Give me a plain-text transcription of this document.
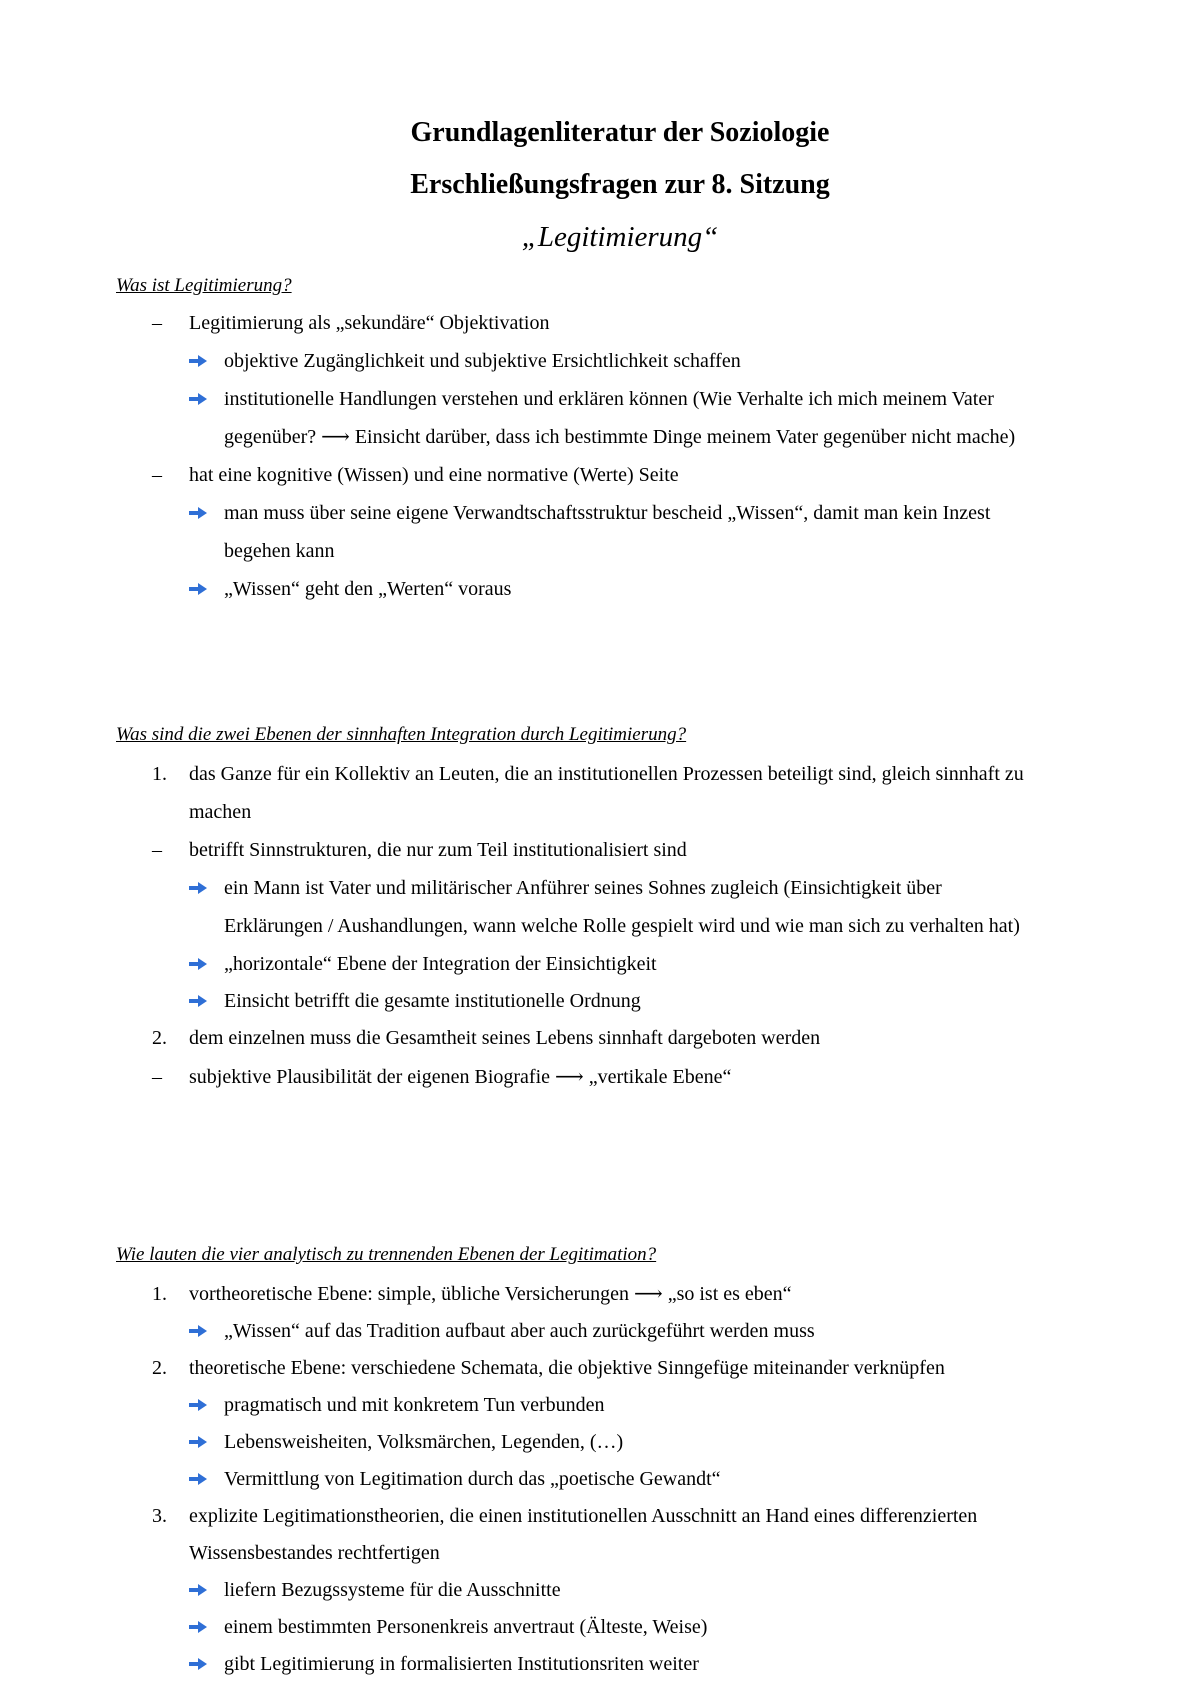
Grundlagenliteratur der Soziologie
Erschließungsfragen zur 8. Sitzung
„Legitimierung“
Was ist Legitimierung?
–	Legitimierung als „sekundäre“ Objektivation
objektive Zugänglichkeit und subjektive Ersichtlichkeit schaffen
institutionelle Handlungen verstehen und erklären können (Wie Verhalte ich mich meinem Vater
gegenüber? ⟶ Einsicht darüber, dass ich bestimmte Dinge meinem Vater gegenüber nicht mache)
–	hat eine kognitive (Wissen) und eine normative (Werte) Seite
man muss über seine eigene Verwandtschaftsstruktur bescheid „Wissen“, damit man kein Inzest
begehen kann
„Wissen“ geht den „Werten“ voraus
Was sind die zwei Ebenen der sinnhaften Integration durch Legitimierung?
1. das Ganze für ein Kollektiv an Leuten, die an institutionellen Prozessen beteiligt sind, gleich sinnhaft zu
machen
–	betrifft Sinnstrukturen, die nur zum Teil institutionalisiert sind
ein Mann ist Vater und militärischer Anführer seines Sohnes zugleich (Einsichtigkeit über
Erklärungen / Aushandlungen, wann welche Rolle gespielt wird und wie man sich zu verhalten hat)
„horizontale“ Ebene der Integration der Einsichtigkeit
Einsicht betrifft die gesamte institutionelle Ordnung
2. dem einzelnen muss die Gesamtheit seines Lebens sinnhaft dargeboten werden
–	subjektive Plausibilität der eigenen Biografie ⟶ „vertikale Ebene“
Wie lauten die vier analytisch zu trennenden Ebenen der Legitimation?
1. vortheoretische Ebene: simple, übliche Versicherungen ⟶ „so ist es eben“
„Wissen“ auf das Tradition aufbaut aber auch zurückgeführt werden muss
2. theoretische Ebene: verschiedene Schemata, die objektive Sinngefüge miteinander verknüpfen
pragmatisch und mit konkretem Tun verbunden
Lebensweisheiten, Volksmärchen, Legenden, (…)
Vermittlung von Legitimation durch das „poetische Gewandt“
3. explizite Legitimationstheorien, die einen institutionellen Ausschnitt an Hand eines differenzierten
Wissensbestandes rechtfertigen
liefern Bezugssysteme für die Ausschnitte
einem bestimmten Personenkreis anvertraut (Älteste, Weise)
gibt Legitimierung in formalisierten Institutionsriten weiter
